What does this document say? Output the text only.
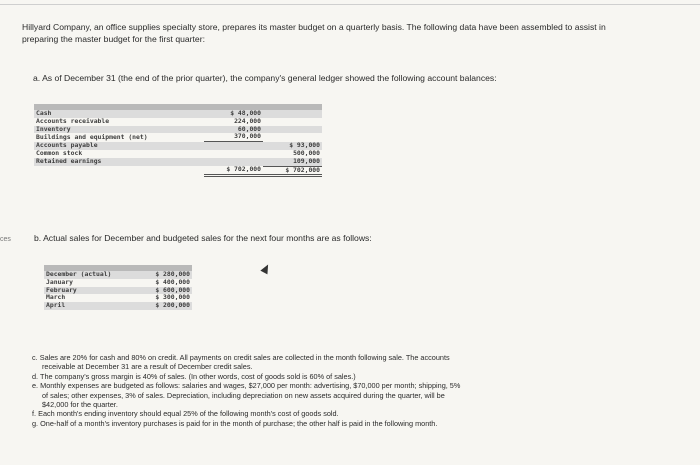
Hillyard Company, an office supplies specialty store, prepares its master budget on a quarterly basis. The following data have been assembled to assist in preparing the master budget for the first quarter:
a. As of December 31 (the end of the prior quarter), the company's general ledger showed the following account balances:

Cash	$ 48,000	
Accounts receivable	224,000	
Inventory	60,000	
Buildings and equipment (net)	370,000	
Accounts payable		$ 93,000
Common stock		500,000
Retained earnings		109,000
	$ 702,000	$ 702,000
ces	b. Actual sales for December and budgeted sales for the next four months are as follows:

December (actual)	$ 280,000
January	$ 400,000
February	$ 600,000
March	$ 300,000
April	$ 200,000

c. Sales are 20% for cash and 80% on credit. All payments on credit sales are collected in the month following sale. The accounts

receivable at December 31 are a result of December credit sales.

d. The company's gross margin is 40% of sales. (In other words, cost of goods sold is 60% of sales.)

e. Monthly expenses are budgeted as follows: salaries and wages, $27,000 per month: advertising, $70,000 per month; shipping, 5%

of sales; other expenses, 3% of sales. Depreciation, including depreciation on new assets acquired during the quarter, will be

$42,000 for the quarter.

f. Each month's ending inventory should equal 25% of the following month's cost of goods sold.

g. One-half of a month's inventory purchases is paid for in the month of purchase; the other half is paid in the following month.
